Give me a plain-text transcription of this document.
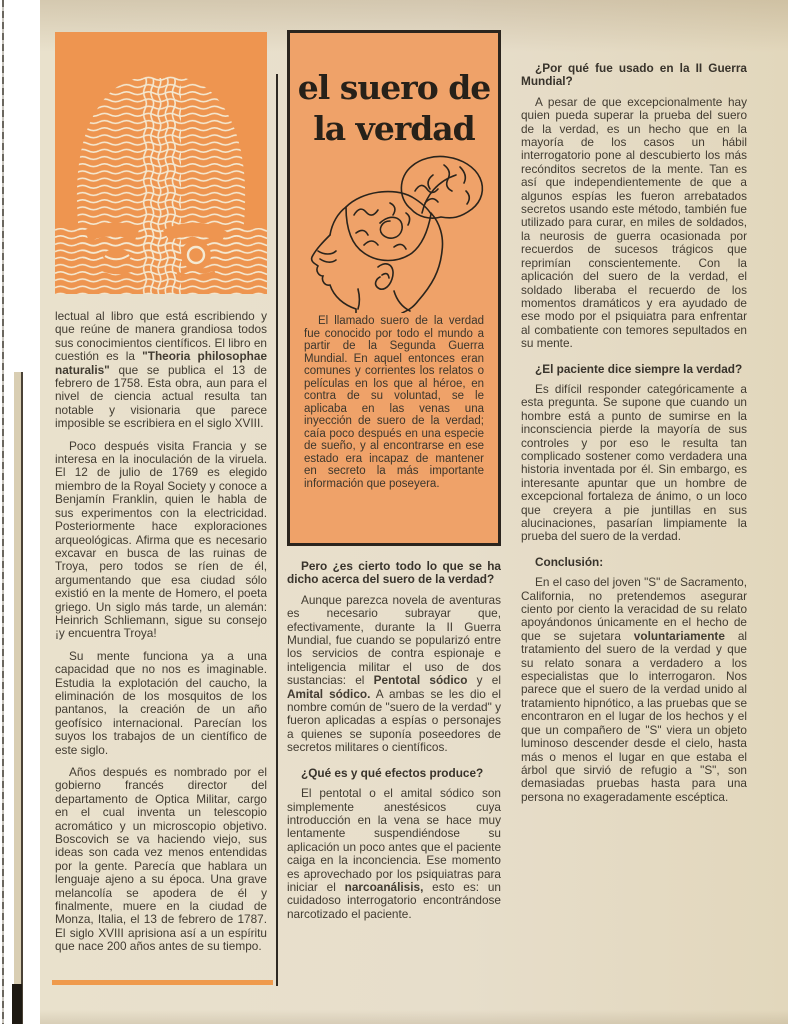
lectual al libro que está escribiendo y que reúne de manera grandiosa todos sus conocimientos científicos. El libro en cuestión es la "Theoria philosophae naturalis" que se publica el 13 de febrero de 1758. Esta obra, aun para el nivel de ciencia actual resulta tan notable y visionaria que parece imposible se escribiera en el siglo XVIII.

Poco después visita Francia y se interesa en la inoculación de la viruela. El 12 de julio de 1769 es elegido miembro de la Royal Society y conoce a Benjamín Franklin, quien le habla de sus experimentos con la electricidad. Posteriormente hace exploraciones arqueológicas. Afirma que es necesario excavar en busca de las ruinas de Troya, pero todos se ríen de él, argumentando que esa ciudad sólo existió en la mente de Homero, el poeta griego. Un siglo más tarde, un alemán: Heinrich Schliemann, sigue su consejo ¡y encuentra Troya!

Su mente funciona ya a una capacidad que no nos es imaginable. Estudia la explotación del caucho, la eliminación de los mosquitos de los pantanos, la creación de un año geofísico internacional. Parecían los suyos los trabajos de un científico de este siglo.

Años después es nombrado por el gobierno francés director del departamento de Optica Militar, cargo en el cual inventa un telescopio acromático y un microscopio objetivo. Boscovich se va haciendo viejo, sus ideas son cada vez menos entendidas por la gente. Parecía que hablara un lenguaje ajeno a su época. Una grave melancolía se apodera de él y finalmente, muere en la ciudad de Monza, Italia, el 13 de febrero de 1787. El siglo XVIII aprisiona así a un espíritu que nace 200 años antes de su tiempo.

el suero de
la verdad

El llamado suero de la verdad fue conocido por todo el mundo a partir de la Segunda Guerra Mundial. En aquel entonces eran comunes y corrientes los relatos o películas en los que al héroe, en contra de su voluntad, se le aplicaba en las venas una inyección de suero de la verdad; caía poco después en una especie de sueño, y al encontrarse en ese estado era incapaz de mantener en secreto la más importante información que poseyera.

Pero ¿es cierto todo lo que se ha dicho acerca del suero de la verdad?

Aunque parezca novela de aventuras es necesario subrayar que, efectivamente, durante la II Guerra Mundial, fue cuando se popularizó entre los servicios de contra espionaje e inteligencia militar el uso de dos sustancias: el Pentotal sódico y el Amital sódico. A ambas se les dio el nombre común de "suero de la verdad" y fueron aplicadas a espías o personajes a quienes se suponía poseedores de secretos militares o científicos.

¿Qué es y qué efectos produce?

El pentotal o el amital sódico son simplemente anestésicos cuya introducción en la vena se hace muy lentamente suspendiéndose su aplicación un poco antes que el paciente caiga en la inconciencia. Ese momento es aprovechado por los psiquiatras para iniciar el narcoanálisis, esto es: un cuidadoso interrogatorio encontrándose narcotizado el paciente.

¿Por qué fue usado en la II Guerra Mundial?

A pesar de que excepcionalmente hay quien pueda superar la prueba del suero de la verdad, es un hecho que en la mayoría de los casos un hábil interrogatorio pone al descubierto los más recónditos secretos de la mente. Tan es así que independientemente de que a algunos espías les fueron arrebatados secretos usando este método, también fue utilizado para curar, en miles de soldados, la neurosis de guerra ocasionada por recuerdos de sucesos trágicos que reprimían conscientemente. Con la aplicación del suero de la verdad, el soldado liberaba el recuerdo de los momentos dramáticos y era ayudado de ese modo por el psiquiatra para enfrentar al combatiente con temores sepultados en su mente.

¿El paciente dice siempre la verdad?

Es difícil responder categóricamente a esta pregunta. Se supone que cuando un hombre está a punto de sumirse en la inconsciencia pierde la mayoría de sus controles y por eso le resulta tan complicado sostener como verdadera una historia inventada por él. Sin embargo, es interesante apuntar que un hombre de excepcional fortaleza de ánimo, o un loco que creyera a pie juntillas en sus alucinaciones, pasarían limpiamente la prueba del suero de la verdad.

Conclusión:

En el caso del joven "S" de Sacramento, California, no pretendemos asegurar ciento por ciento la veracidad de su relato apoyándonos únicamente en el hecho de que se sujetara voluntariamente al tratamiento del suero de la verdad y que su relato sonara a verdadero a los especialistas que lo interrogaron. Nos parece que el suero de la verdad unido al tratamiento hipnótico, a las pruebas que se encontraron en el lugar de los hechos y el que un compañero de "S" viera un objeto luminoso descender desde el cielo, hasta más o menos el lugar en que estaba el árbol que sirvió de refugio a "S", son demasiadas pruebas hasta para una persona no exageradamente escéptica.
